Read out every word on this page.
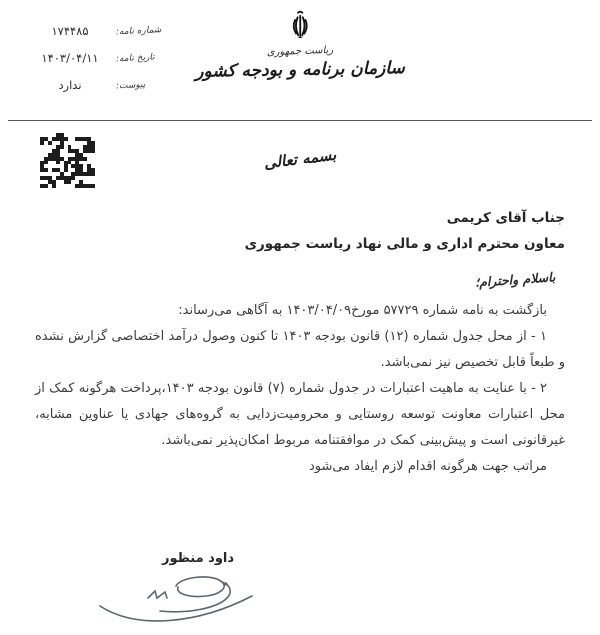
ریاست جمهوری
سازمان برنامه و بودجه کشور
شماره نامه:
۱۷۴۴۸۵
تاریخ نامه:
۱۴۰۳/۰۴/۱۱
پیوست:
ندارد
بسمه تعالی
جناب آقای کریمی
معاون محترم اداری و مالی نهاد ریاست جمهوری
باسلام واحترام؛

بازگشت به نامه شماره ۵۷۷۲۹ مورخ۱۴۰۳/۰۴/۰۹ به آگاهی می‌رساند:

۱ - از محل جدول شماره (۱۲) قانون بودجه ۱۴۰۳ تا کنون وصول درآمد اختصاصی گزارش نشده و طبعاً قابل تخصیص نیز نمی‌باشد.

۲ - با عنایت به ماهیت اعتبارات در جدول شماره (۷) قانون بودجه ۱۴۰۳،پرداخت هرگونه کمک از محل اعتبارات معاونت توسعه روستایی و محرومیت‌زدایی به گروه‌های جهادی یا عناوین مشابه، غیرقانونی است و پیش‌بینی کمک در موافقتنامه مربوط امکان‌پذیر نمی‌باشد.

مراتب جهت هرگونه اقدام لازم ایفاد می‌شود

داود منظور
